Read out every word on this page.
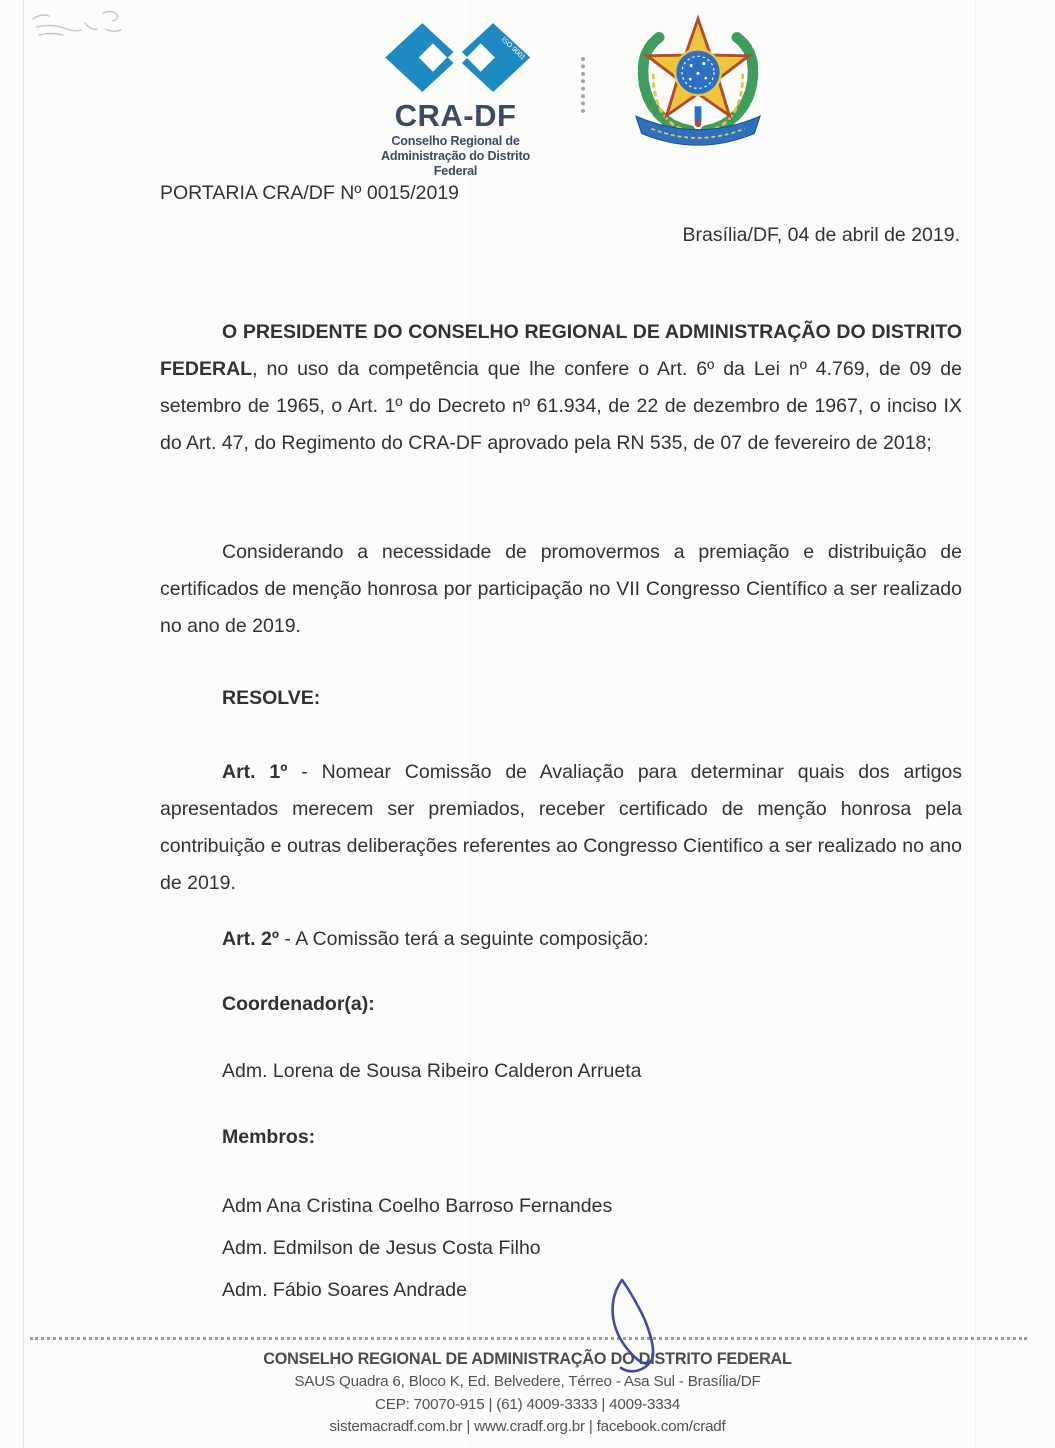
ISO 9001
CRA-DF
Conselho Regional de
Administração do Distrito Federal
PORTARIA CRA/DF Nº 0015/2019
Brasília/DF, 04 de abril de 2019.

O PRESIDENTE DO CONSELHO REGIONAL DE ADMINISTRAÇÃO DO DISTRITO FEDERAL, no uso da competência que lhe confere o Art. 6º da Lei nº 4.769, de 09 de setembro de 1965, o Art. 1º do Decreto nº 61.934, de 22 de dezembro de 1967, o inciso IX do Art. 47, do Regimento do CRA-DF aprovado pela RN 535, de 07 de fevereiro de 2018;

Considerando a necessidade de promovermos a premiação e distribuição de certificados de menção honrosa por participação no VII Congresso Científico a ser realizado no ano de 2019.

RESOLVE:

Art. 1º - Nomear Comissão de Avaliação para determinar quais dos artigos apresentados merecem ser premiados, receber certificado de menção honrosa pela contribuição e outras deliberações referentes ao Congresso Cientifico a ser realizado no ano de 2019.

Art. 2º - A Comissão terá a seguinte composição:

Coordenador(a):
Adm. Lorena de Sousa Ribeiro Calderon Arrueta
Membros:
Adm Ana Cristina Coelho Barroso Fernandes
Adm. Edmilson de Jesus Costa Filho
Adm. Fábio Soares Andrade
CONSELHO REGIONAL DE ADMINISTRAÇÃO DO DISTRITO FEDERAL
SAUS Quadra 6, Bloco K, Ed. Belvedere, Térreo - Asa Sul - Brasília/DF
CEP: 70070-915 | (61) 4009-3333 | 4009-3334
sistemacradf.com.br | www.cradf.org.br | facebook.com/cradf
